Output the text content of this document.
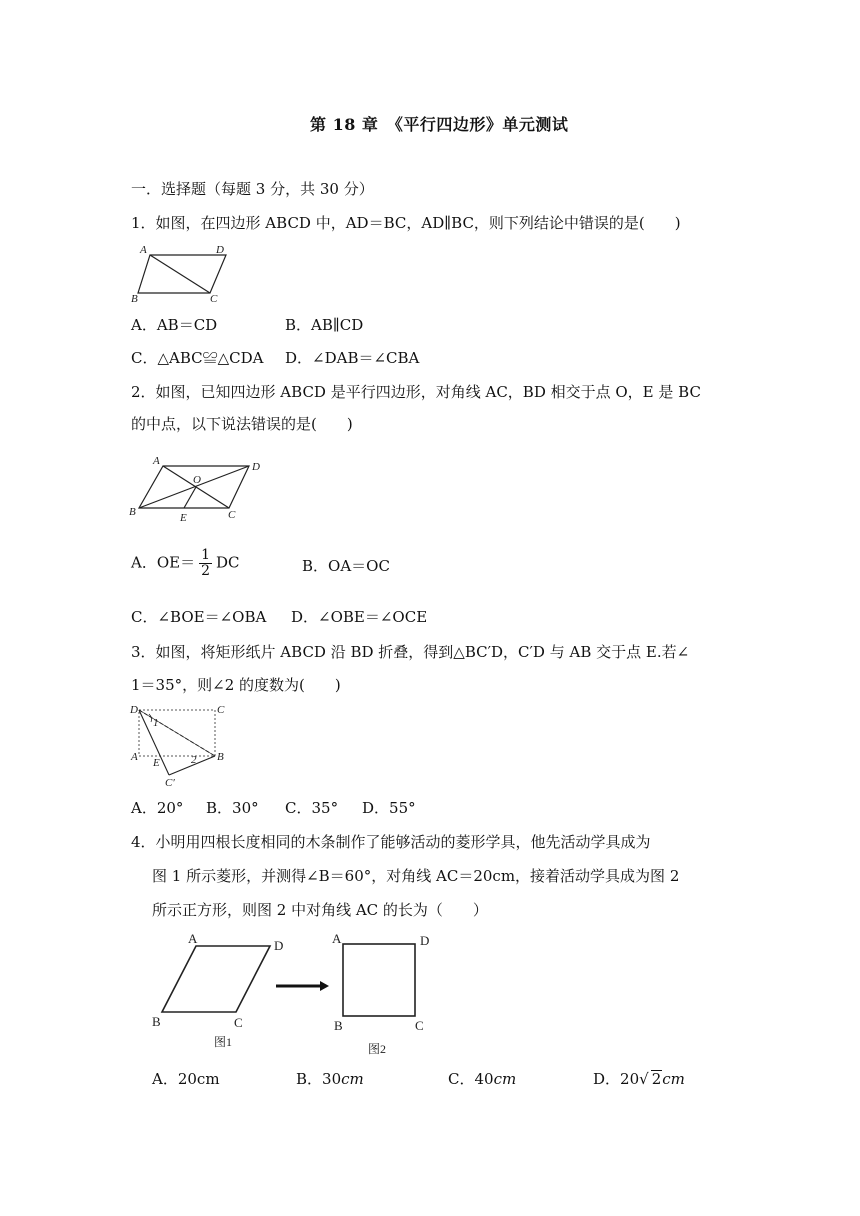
第 18 章　《平行四边形》单元测试
一．选择题（每题 3 分，共 30 分）
1．如图，在四边形 ABCD 中，AD＝BC，AD∥BC，则下列结论中错误的是(　　)
A	D
B	C
A．AB＝CD	B．AB∥CD
C．△ABC≌△CDA D．∠DAB＝∠CBA
2．如图，已知四边形 ABCD 是平行四边形，对角线 AC，BD 相交于点 O，E 是 BC
的中点，以下说法错误的是(　　)
A	D
O
B	E	C
A．$OE= \frac{1}{2}$ DC	B．OA＝OC
C．∠BOE＝∠OBA D．∠OBE＝∠OCE
3．如图，将矩形纸片 ABCD 沿 BD 折叠，得到△BC′D，C′D 与 AB 交于点 E.若∠
1＝35°，则∠2 的度数为(　　)
D	C
1
A E	2 B
C′
A．20° B．30° C．35° D．55°
4．小明用四根长度相同的木条制作了能够活动的菱形学具，他先活动学具成为
图 1 所示菱形，并测得∠B＝60°，对角线 AC＝20cm，接着活动学具成为图 2
所示正方形，则图 2 中对角线 AC 的长为（　　）
A	D
B	C
A	D
B	C
图1	图2
A．20cm	B．30cm	C．40cm	D．20√ 2cm
